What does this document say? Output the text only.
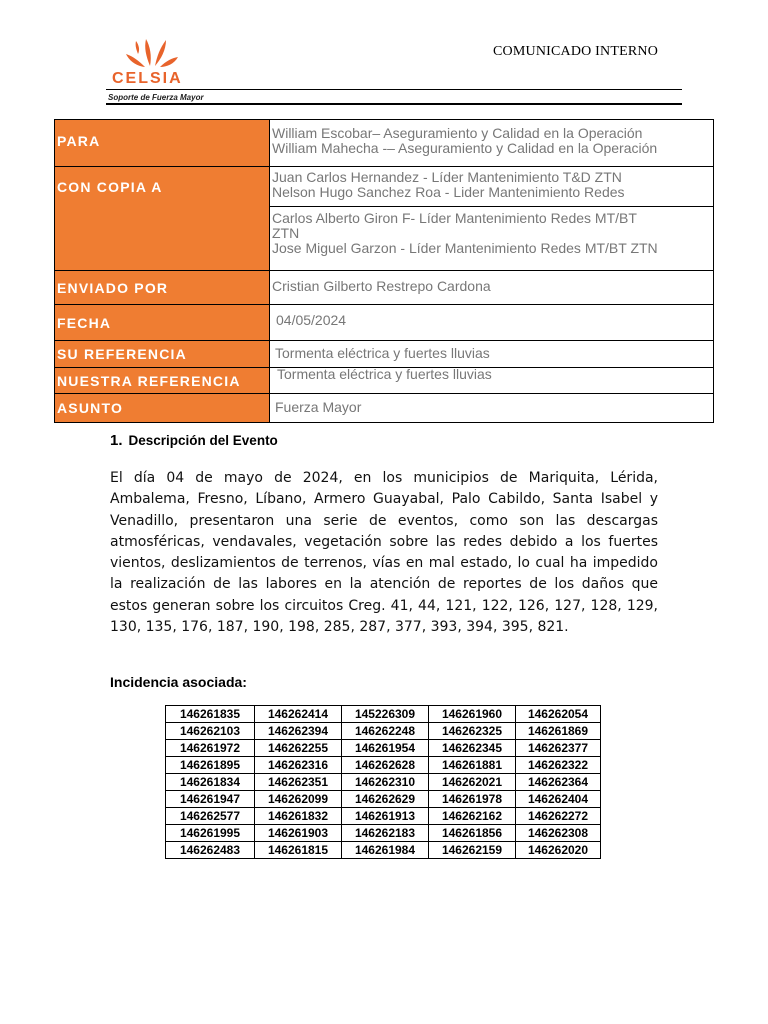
CELSIA
Soporte de Fuerza Mayor
COMUNICADO INTERNO
PARA	William Escobar– Aseguramiento y Calidad en la Operación
William Mahecha -– Aseguramiento y Calidad en la Operación
CON COPIA A
Juan Carlos Hernandez - Líder Mantenimiento T&D ZTN
Nelson Hugo Sanchez Roa - Lider Mantenimiento Redes
Carlos Alberto Giron F- Líder Mantenimiento Redes MT/BT
ZTN
Jose Miguel Garzon - Líder Mantenimiento Redes MT/BT ZTN
ENVIADO POR	Cristian Gilberto Restrepo Cardona
FECHA	04/05/2024
SU REFERENCIA	Tormenta eléctrica y fuertes lluvias
NUESTRA REFERENCIA	Tormenta eléctrica y fuertes lluvias
ASUNTO	Fuerza Mayor
1. Descripción del Evento
El día 04 de mayo de 2024, en los municipios de Mariquita, Lérida, Ambalema, Fresno, Líbano, Armero Guayabal, Palo Cabildo, Santa Isabel y Venadillo, presentaron una serie de eventos, como son las descargas atmosféricas, vendavales, vegetación sobre las redes debido a los fuertes vientos, deslizamientos de terrenos, vías en mal estado, lo cual ha impedido la realización de las labores en la atención de reportes de los daños que estos generan sobre los circuitos Creg. 41, 44, 121, 122, 126, 127, 128, 129, 130, 135, 176, 187, 190, 198, 285, 287, 377, 393, 394, 395, 821.
Incidencia asociada:
146261835	146262414	145226309	146261960	146262054
146262103	146262394	146262248	146262325	146261869
146261972	146262255	146261954	146262345	146262377
146261895	146262316	146262628	146261881	146262322
146261834	146262351	146262310	146262021	146262364
146261947	146262099	146262629	146261978	146262404
146262577	146261832	146261913	146262162	146262272
146261995	146261903	146262183	146261856	146262308
146262483	146261815	146261984	146262159	146262020
